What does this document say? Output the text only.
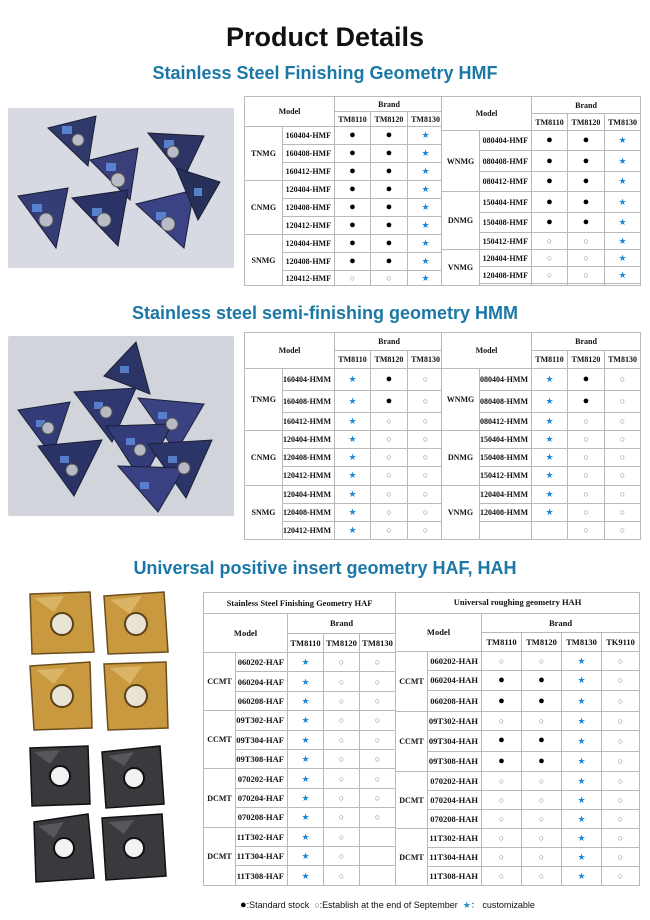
Product Details
Stainless Steel Finishing Geometry HMF
Model		Brand		
		TM8110	TM8120	TM8130
TNMG	160404-HMF	●	●	★
	160408-HMF	●	●	★
	160412-HMF	●	●	★
CNMG	120404-HMF	●	●	★
	120408-HMF	●	●	★
	120412-HMF	●	●	★
SNMG	120404-HMF	●	●	★
	120408-HMF	●	●	★
	120412-HMF	○	○	★
Model		Brand		
		TM8110	TM8120	TM8130
WNMG	080404-HMF	●	●	★
	080408-HMF	●	●	★
	080412-HMF	●	●	★
DNMG	150404-HMF	●	●	★
	150408-HMF	●	●	★
	150412-HMF	○	○	★
VNMG	120404-HMF	○	○	★
	120408-HMF	○	○	★

Stainless steel semi-finishing geometry HMM
Model		Brand		
		TM8110	TM8120	TM8130
TNMG	160404-HMM	★	●	○
	160408-HMM	★	●	○
	160412-HMM	★	○	○
CNMG	120404-HMM	★	○	○
	120408-HMM	★	○	○
	120412-HMM	★	○	○
SNMG	120404-HMM	★	○	○
	120408-HMM	★	○	○
	120412-HMM	★	○	○
Model		Brand		
		TM8110	TM8120	TM8130
WNMG	080404-HMM	★	●	○
	080408-HMM	★	●	○
	080412-HMM	★	○	○
DNMG	150404-HMM	★	○	○
	150408-HMM	★	○	○
	150412-HMM	★	○	○
VNMG	120404-HMM	★	○	○
	120408-HMM	★	○	○
			○	○
Universal positive insert geometry HAF, HAH
Stainless Steel Finishing Geometry HAF				
Model		Brand		
		TM8110	TM8120	TM8130
CCMT	060202-HAF	★	○	○
	060204-HAF	★	○	○
	060208-HAF	★	○	○
CCMT	09T302-HAF	★	○	○
	09T304-HAF	★	○	○
	09T308-HAF	★	○	○
DCMT	070202-HAF	★	○	○
	070204-HAF	★	○	○
	070208-HAF	★	○	○
DCMT	11T302-HAF	★	○	
	11T304-HAF	★	○	
	11T308-HAF	★	○	
Universal roughing geometry HAH					
Model		Brand			
		TM8110	TM8120	TM8130	TK9110
CCMT	060202-HAH	○	○	★	○
	060204-HAH	●	●	★	○
	060208-HAH	●	●	★	○
CCMT	09T302-HAH	○	○	★	○
	09T304-HAH	●	●	★	○
	09T308-HAH	●	●	★	○
DCMT	070202-HAH	○	○	★	○
	070204-HAH	○	○	★	○
	070208-HAH	○	○	★	○
DCMT	11T302-HAH	○	○	★	○
	11T304-HAH	○	○	★	○
	11T308-HAH	○	○	★	○
●:Standard stock ○:Establish at the end of September ★： customizable
